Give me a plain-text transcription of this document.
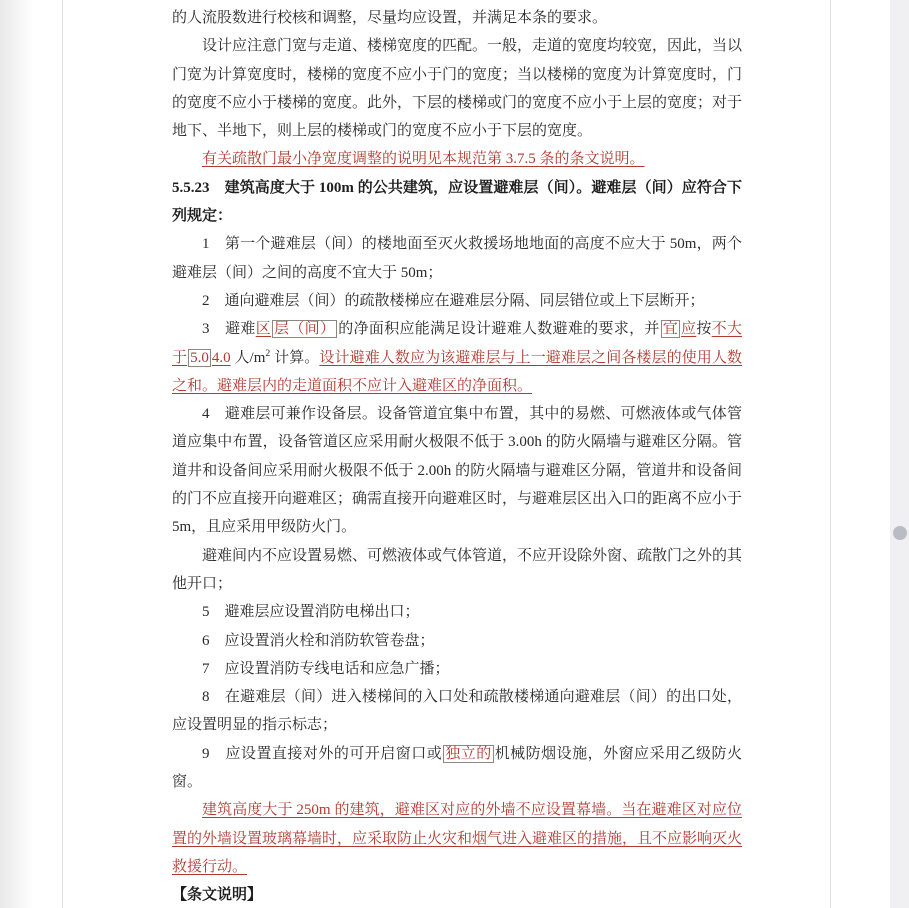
的人流股数进行校核和调整，尽量均应设置，并满足本条的要求。

设计应注意门宽与走道、楼梯宽度的匹配。一般，走道的宽度均较宽，因此，当以门宽为计算宽度时，楼梯的宽度不应小于门的宽度；当以楼梯的宽度为计算宽度时，门的宽度不应小于楼梯的宽度。此外，下层的楼梯或门的宽度不应小于上层的宽度；对于地下、半地下，则上层的楼梯或门的宽度不应小于下层的宽度。

有关疏散门最小净宽度调整的说明见本规范第 3.7.5 条的条文说明。

5.5.23　建筑高度大于 100m 的公共建筑，应设置避难层（间）。避难层（间）应符合下列规定：

1　第一个避难层（间）的楼地面至灭火救援场地地面的高度不应大于 50m，两个避难层（间）之间的高度不宜大于 50m；

2　通向避难层（间）的疏散楼梯应在避难层分隔、同层错位或上下层断开；

3　避难区 层（间） 的净面积应能满足设计避难人数避难的要求，并 宜 应按不大于 5.0 4.0 人$/m^2$ 计算。设计避难人数应为该避难层与上一避难层之间各楼层的使用人数之和。避难层内的走道面积不应计入避难区的净面积。

4　避难层可兼作设备层。设备管道宜集中布置，其中的易燃、可燃液体或气体管道应集中布置，设备管道区应采用耐火极限不低于 3.00h 的防火隔墙与避难区分隔。管道井和设备间应采用耐火极限不低于 2.00h 的防火隔墙与避难区分隔，管道井和设备间的门不应直接开向避难区；确需直接开向避难区时，与避难层区出入口的距离不应小于 5m，且应采用甲级防火门。

避难间内不应设置易燃、可燃液体或气体管道，不应开设除外窗、疏散门之外的其他开口；

5　避难层应设置消防电梯出口；

6　应设置消火栓和消防软管卷盘；

7　应设置消防专线电话和应急广播；

8　在避难层（间）进入楼梯间的入口处和疏散楼梯通向避难层（间）的出口处，应设置明显的指示标志；

9　应设置直接对外的可开启窗口或 独立的 机械防烟设施，外窗应采用乙级防火窗。

建筑高度大于 250m 的建筑，避难区对应的外墙不应设置幕墙。当在避难区对应位置的外墙设置玻璃幕墙时，应采取防止火灾和烟气进入避难区的措施，且不应影响灭火救援行动。

【条文说明】
